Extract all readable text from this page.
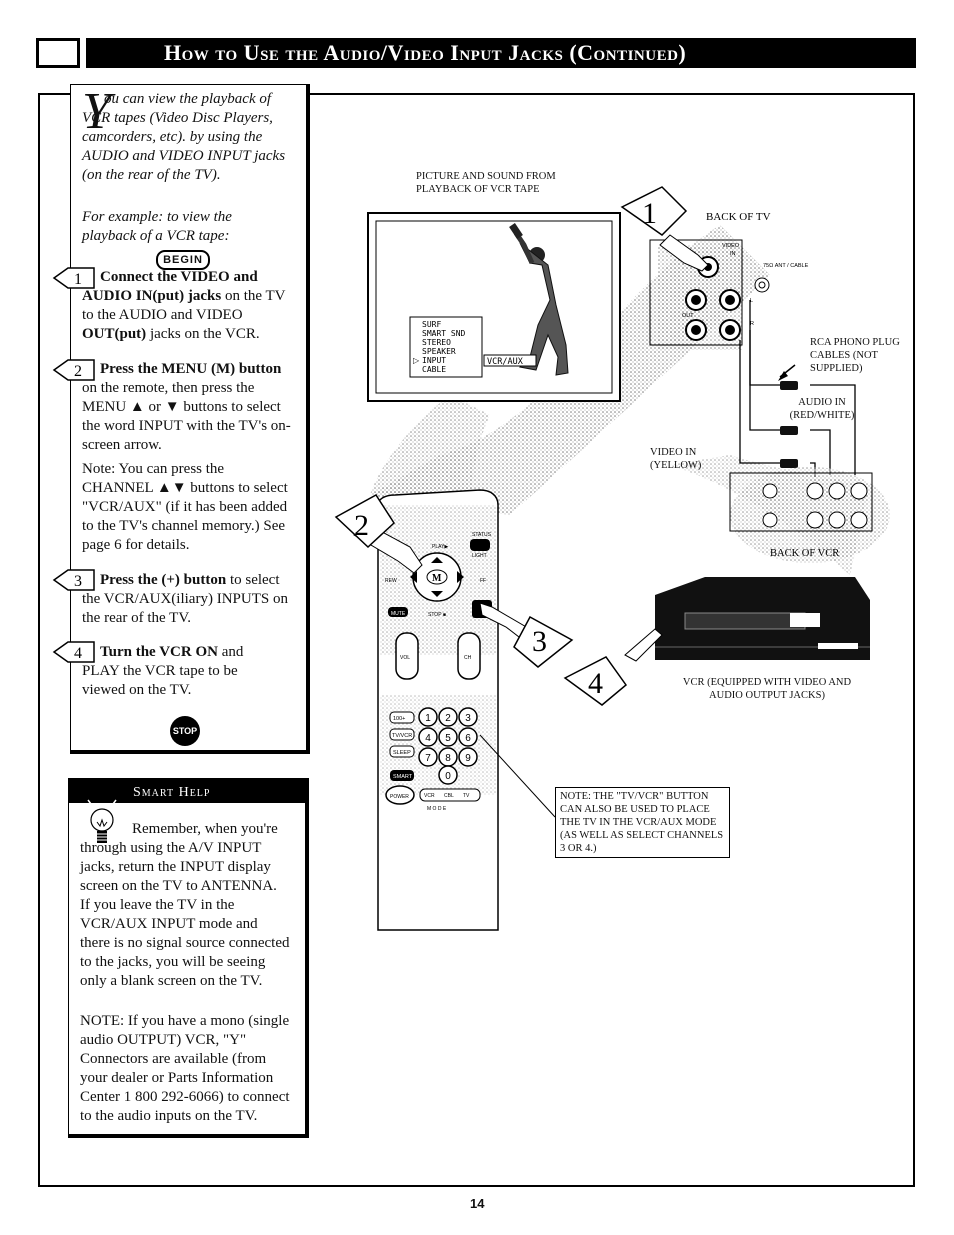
How to Use the Audio/Video Input Jacks (Continued)
Y
ou can view the playback of VCR tapes (Video Disc Players, camcorders, etc). by using the AUDIO and VIDEO INPUT jacks (on the rear of the TV).
For example: to view the playback of a VCR tape:
BEGIN
1	Connect the VIDEO and AUDIO IN(put) jacks on the TV to the AUDIO and VIDEO OUT(put) jacks on the VCR.
2	Press the MENU (M) button on the remote, then press the MENU ▲ or ▼ buttons to select the word INPUT with the TV's on-screen arrow.
Note: You can press the CHANNEL ▲▼ buttons to select "VCR/AUX" (if it has been added to the TV's channel memory.) See page 6 for details.
3	Press the (+) button to select the VCR/AUX(iliary) INPUTS on the rear of the TV.
4	Turn the VCR ON and PLAY the VCR tape to be viewed on the TV.
STOP
Smart Help
Remember, when you're through using the A/V INPUT jacks, return the INPUT display screen on the TV to ANTENNA. If you leave the TV in the VCR/AUX INPUT mode and there is no signal source connected to the jacks, you will be seeing only a blank screen on the TV.
NOTE: If you have a mono (single audio OUTPUT) VCR, "Y" Connectors are available (from your dealer or Parts Information Center 1 800 292-6066) to connect to the audio inputs on the TV.
SURF
SMART SND
STEREO
SPEAKER
INPUT
CABLE
▷	VCR/AUX
VIDEO
IN
OUT
75Ω ANT / CABLE
L
R
BACK OF TV
BACK OF VCR
M
PLAY▶
STATUS
LIGHT
REW	FF
STOP ■
MUTE
VOL	CH
100+
TV/VCR
SLEEP
SMART
1 2 3
4 5 6
7 8 9
0
POWER	VCR CBL TV
M O D E
1
2
3
4
PICTURE AND SOUND FROM PLAYBACK OF VCR TAPE
RCA PHONO PLUG CABLES (NOT SUPPLIED)
AUDIO IN (RED/WHITE)
VIDEO IN (YELLOW)
VCR (EQUIPPED WITH VIDEO AND AUDIO OUTPUT JACKS)
NOTE: THE "TV/VCR" BUTTON CAN ALSO BE USED TO PLACE THE TV IN THE VCR/AUX MODE (AS WELL AS SELECT CHANNELS 3 OR 4.)
14
